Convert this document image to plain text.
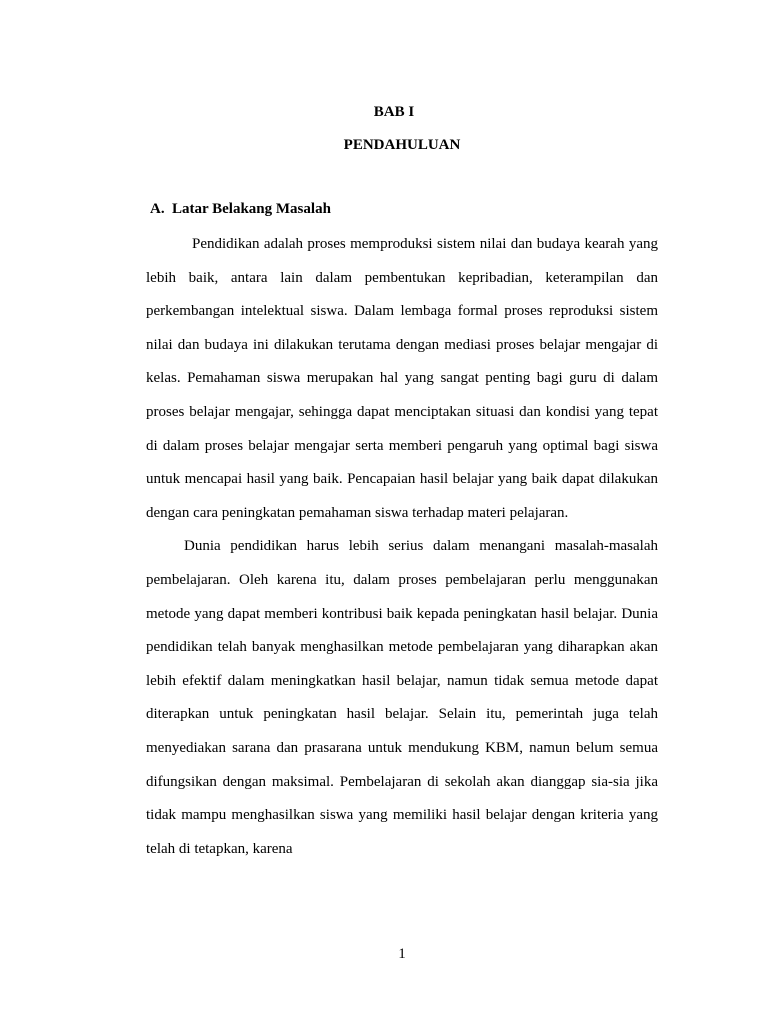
BAB I
PENDAHULUAN
A. Latar Belakang Masalah

Pendidikan adalah proses memproduksi sistem nilai dan budaya kearah yang lebih baik, antara lain dalam pembentukan kepribadian, keterampilan dan perkembangan intelektual siswa. Dalam lembaga formal proses reproduksi sistem nilai dan budaya ini dilakukan terutama dengan mediasi proses belajar mengajar di kelas. Pemahaman siswa merupakan hal yang sangat penting bagi guru di dalam proses belajar mengajar, sehingga dapat menciptakan situasi dan kondisi yang tepat di dalam proses belajar mengajar serta memberi pengaruh yang optimal bagi siswa untuk mencapai hasil yang baik. Pencapaian hasil belajar yang baik dapat dilakukan dengan cara peningkatan pemahaman siswa terhadap materi pelajaran.

Dunia pendidikan harus lebih serius dalam menangani masalah-masalah pembelajaran. Oleh karena itu, dalam proses pembelajaran perlu menggunakan metode yang dapat memberi kontribusi baik kepada peningkatan hasil belajar. Dunia pendidikan telah banyak menghasilkan metode pembelajaran yang diharapkan akan lebih efektif dalam meningkatkan hasil belajar, namun tidak semua metode dapat diterapkan untuk peningkatan hasil belajar. Selain itu, pemerintah juga telah menyediakan sarana dan prasarana untuk mendukung KBM, namun belum semua difungsikan dengan maksimal. Pembelajaran di sekolah akan dianggap sia-sia jika tidak mampu menghasilkan siswa yang memiliki hasil belajar dengan kriteria yang telah di tetapkan, karena

1
